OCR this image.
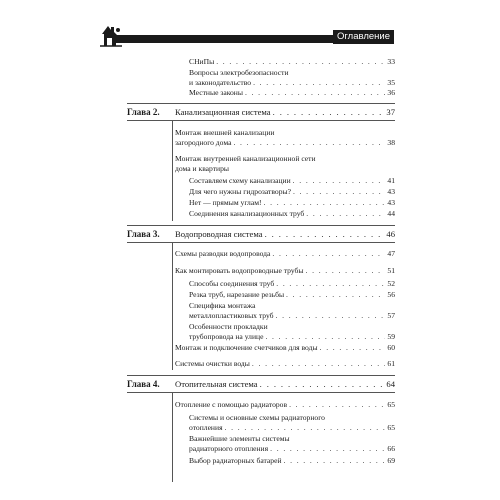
Оглавление
СНиПы . . .	33
Вопросы электробезопасности
и законодательство . . .	35
Местные законы . . .	36
Глава 2. Канализационная система . . .	37
Монтаж внешней канализации
загородного дома . . .	38
Монтаж внутренней канализационной сети
дома и квартиры
Составляем схему канализации . . .	41
Для чего нужны гидрозатворы? . . .	43
Нет — прямым углам! . . .	43
Соединения канализационных труб . . .	44
Глава 3. Водопроводная система . . .	46
Схемы разводки водопровода . . .	47
Как монтировать водопроводные трубы . . .	51
Способы соединения труб . . .	52
Резка труб, нарезание резьбы . . .	56
Специфика монтажа
металлопластиковых труб . . .	57
Особенности прокладки
трубопровода на улице . . .	59
Монтаж и подключение счетчиков для воды . . .	60
Системы очистки воды . . .	61
Глава 4. Отопительная система . . .	64
Отопление с помощью радиаторов . . .	65
Системы и основные схемы радиаторного
отопления . . .	65
Важнейшие элементы системы
радиаторного отопления . . .	66
Выбор радиаторных батарей . . .	69
